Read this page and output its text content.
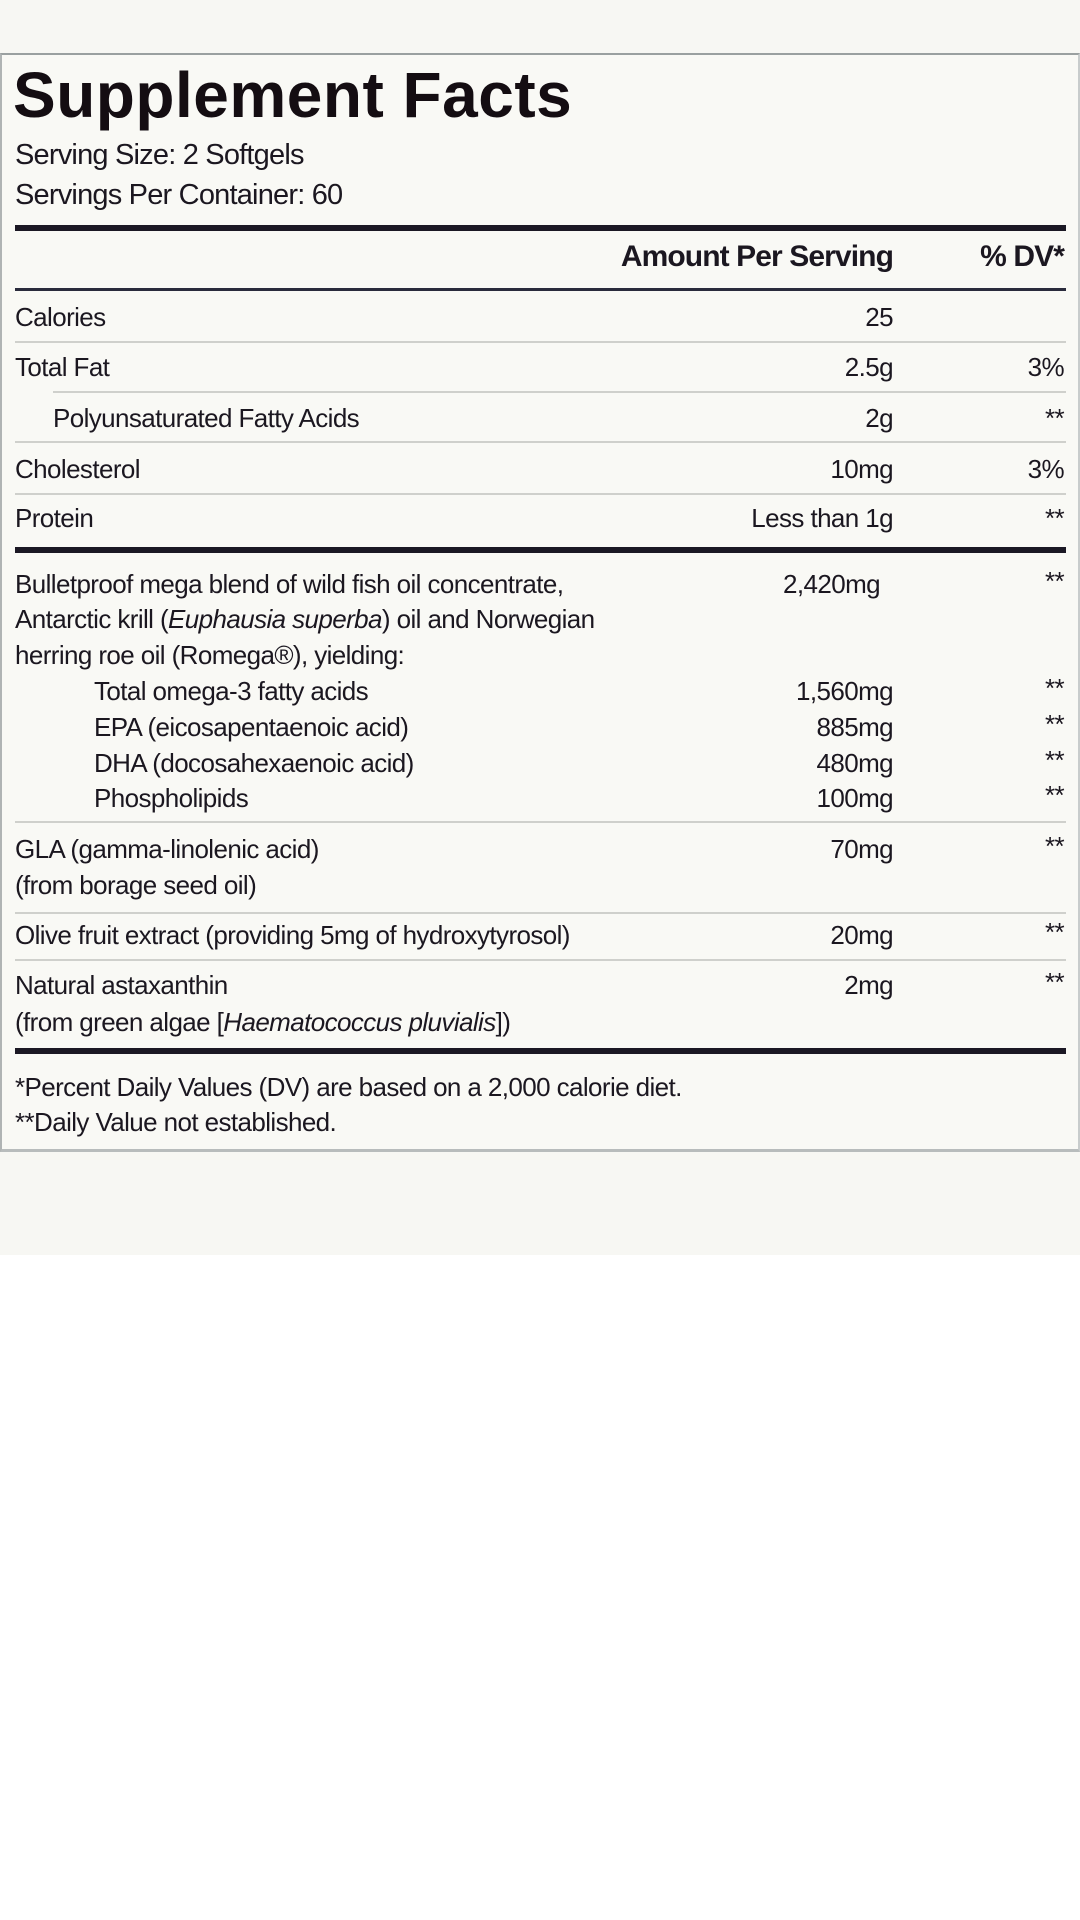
Supplement Facts
Serving Size: 2 Softgels
Servings Per Container: 60
Amount Per Serving	% DV*
Calories	25
Total Fat	2.5g	3%
Polyunsaturated Fatty Acids	2g	**
Cholesterol	10mg	3%
Protein	Less than 1g	**
Bulletproof mega blend of wild fish oil concentrate,
Antarctic krill (Euphausia superba) oil and Norwegian
herring roe oil (Romega®), yielding:
2,420mg	**
Total omega-3 fatty acids	1,560mg	**
EPA (eicosapentaenoic acid)	885mg	**
DHA (docosahexaenoic acid)	480mg	**
Phospholipids	100mg	**
GLA (gamma-linolenic acid)
(from borage seed oil)
70mg	**
Olive fruit extract (providing 5mg of hydroxytyrosol)	20mg	**
Natural astaxanthin
(from green algae [Haematococcus pluvialis])
2mg	**
*Percent Daily Values (DV) are based on a 2,000 calorie diet.
**Daily Value not established.
